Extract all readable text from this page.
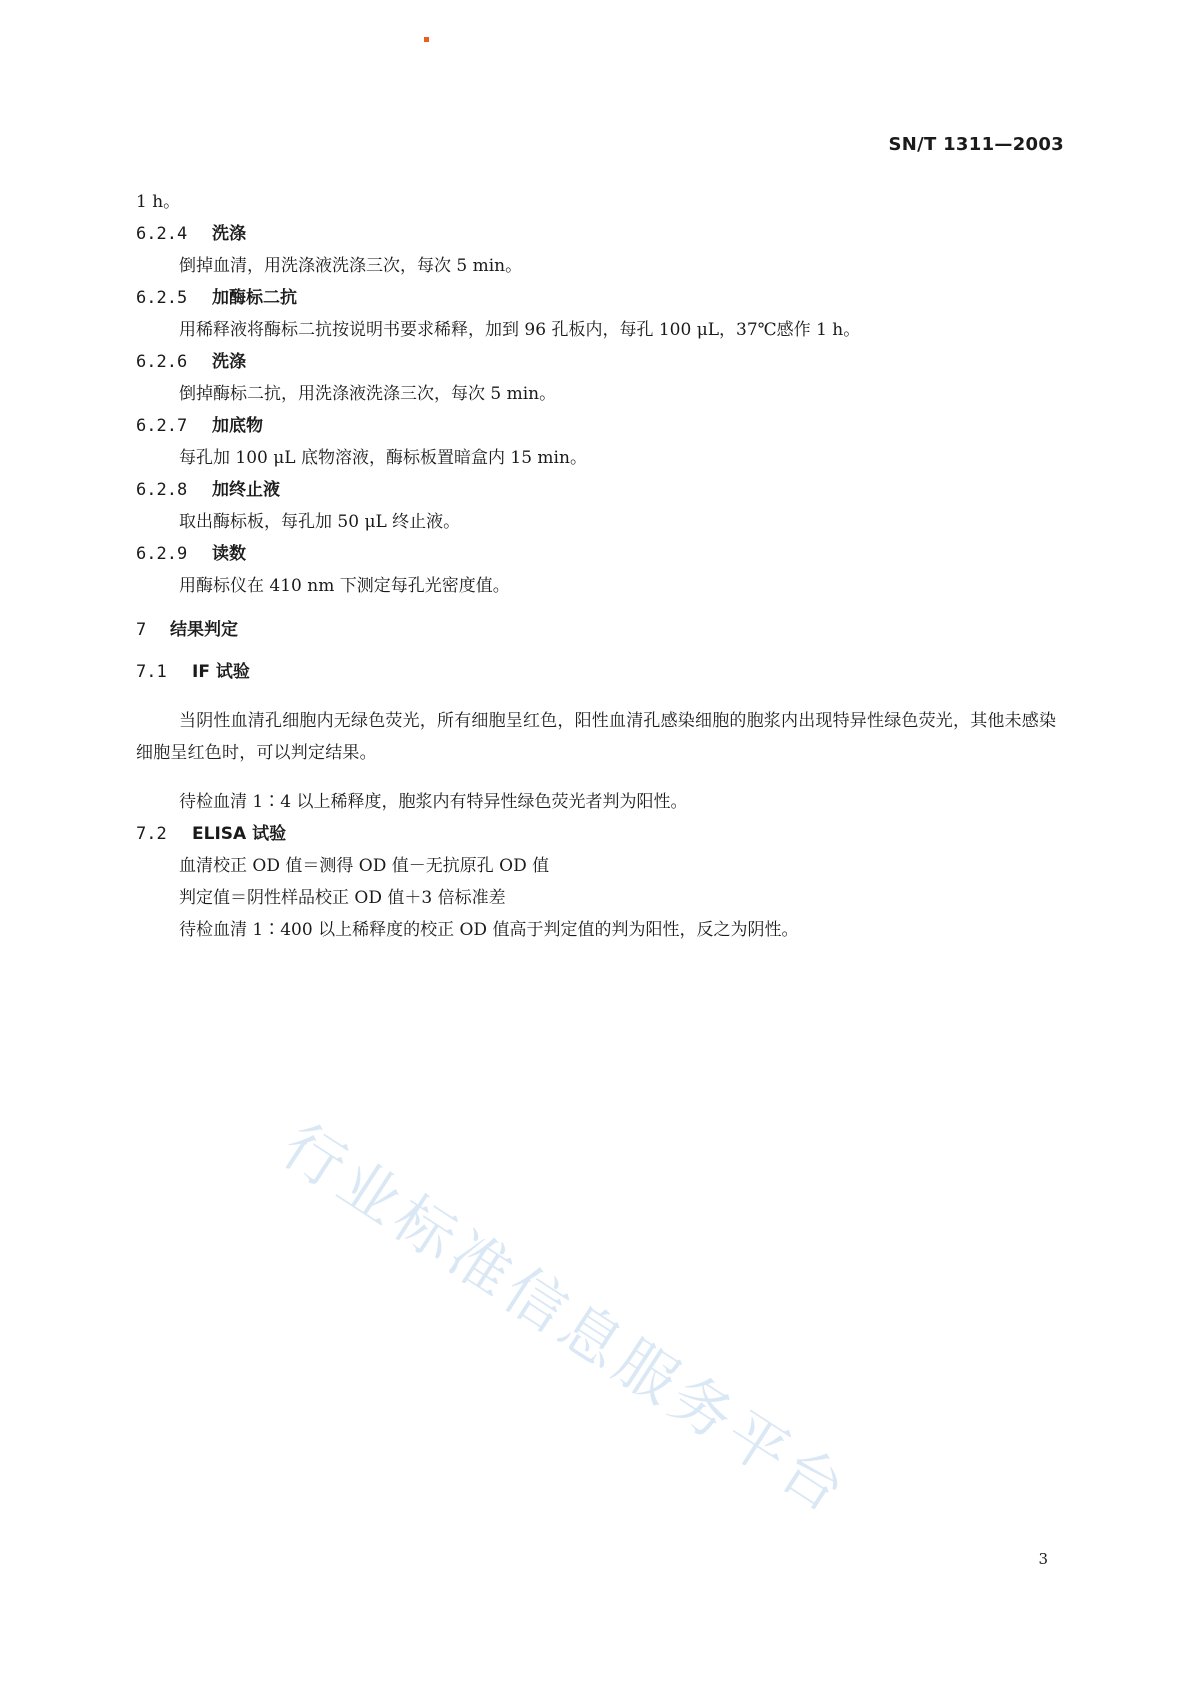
SN/T 1311—2003

1 h。

6.2.4 洗涤

倒掉血清，用洗涤液洗涤三次，每次 5 min。

6.2.5 加酶标二抗

用稀释液将酶标二抗按说明书要求稀释，加到 96 孔板内，每孔 100 μL，37℃感作 1 h。

6.2.6 洗涤

倒掉酶标二抗，用洗涤液洗涤三次，每次 5 min。

6.2.7 加底物

每孔加 100 μL 底物溶液，酶标板置暗盒内 15 min。

6.2.8 加终止液

取出酶标板，每孔加 50 μL 终止液。

6.2.9 读数

用酶标仪在 410 nm 下测定每孔光密度值。

7 结果判定

7.1 IF 试验

当阴性血清孔细胞内无绿色荧光，所有细胞呈红色，阳性血清孔感染细胞的胞浆内出现特异性绿色荧光，其他未感染细胞呈红色时，可以判定结果。

待检血清 1∶4 以上稀释度，胞浆内有特异性绿色荧光者判为阳性。

7.2 ELISA 试验

血清校正 OD 值＝测得 OD 值－无抗原孔 OD 值

判定值＝阴性样品校正 OD 值＋3 倍标准差

待检血清 1∶400 以上稀释度的校正 OD 值高于判定值的判为阳性，反之为阴性。

行业标准信息服务平台
3
